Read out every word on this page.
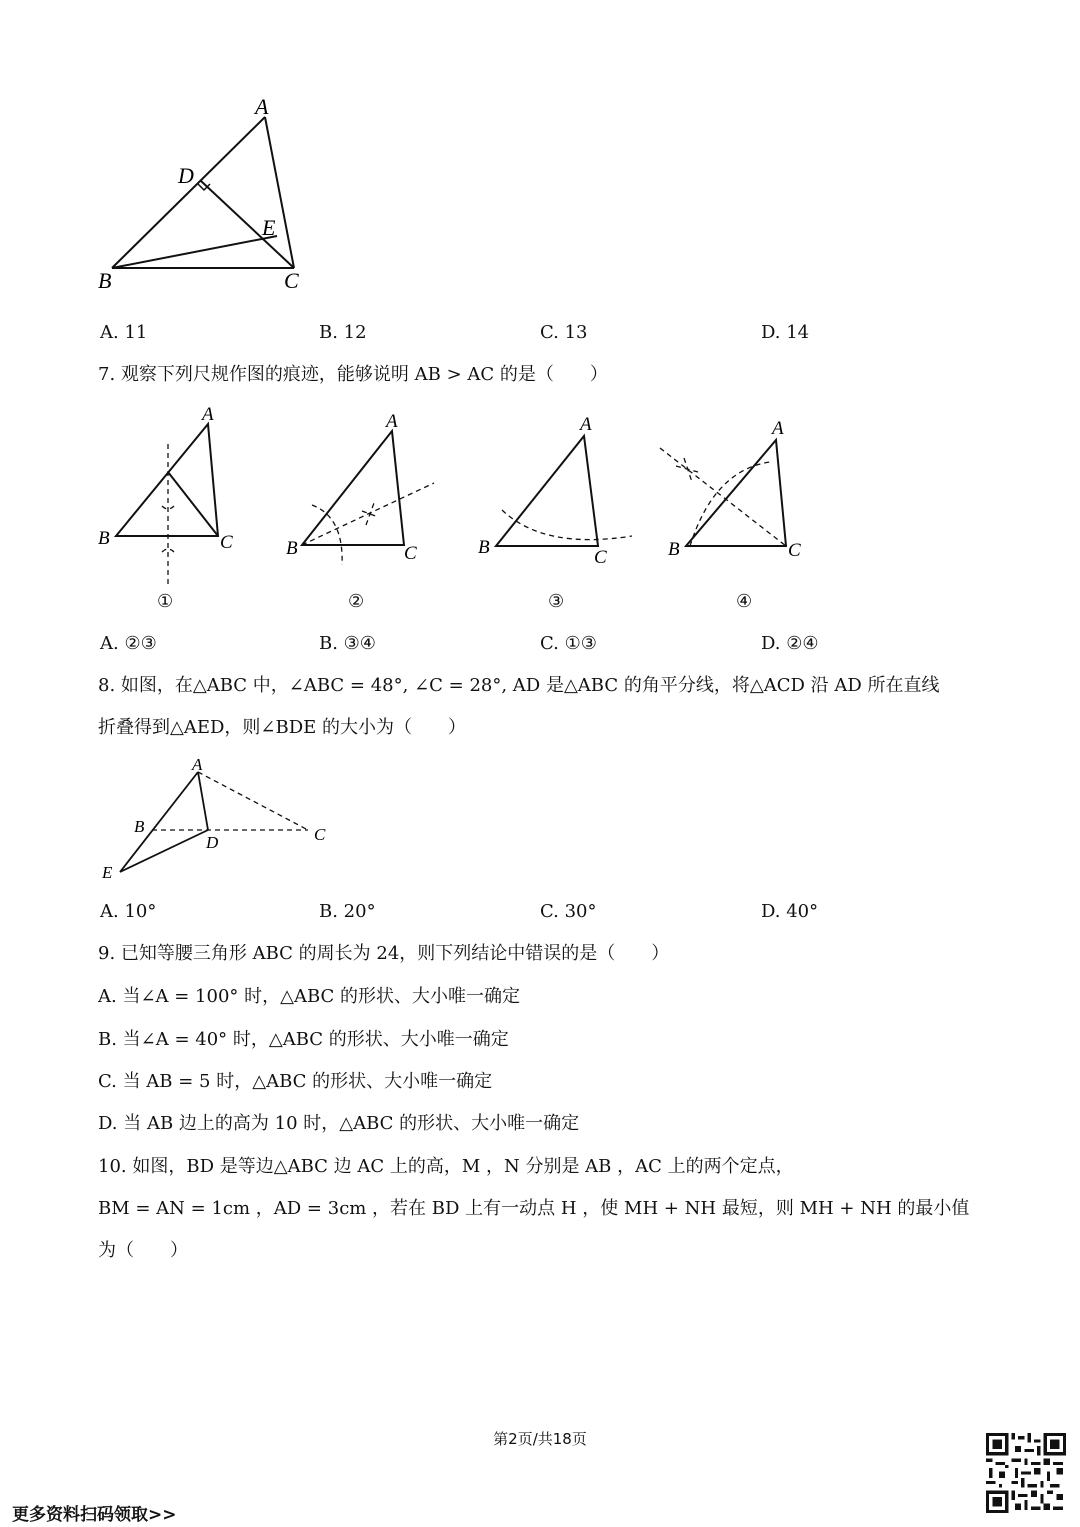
A
D
E
B	C
A. 11	B. 12	C. 13	D. 14
7. 观察下列尺规作图的痕迹，能够说明 AB > AC 的是（　　）
A
B	C
A
B	C
A
B	C
A
B	C
①	②	③	④
A. ②③	B. ③④	C. ①③	D. ②④
8. 如图，在△ABC 中，∠ABC = 48°, ∠C = 28°, AD 是△ABC 的角平分线，将△ACD 沿 AD 所在直线
折叠得到△AED，则∠BDE 的大小为（　　）
A
B	C
D
E
A. 10°	B. 20°	C. 30°	D. 40°
9. 已知等腰三角形 ABC 的周长为 24，则下列结论中错误的是（　　）
A. 当∠A = 100° 时，△ABC 的形状、大小唯一确定
B. 当∠A = 40° 时，△ABC 的形状、大小唯一确定
C. 当 AB = 5 时，△ABC 的形状、大小唯一确定
D. 当 AB 边上的高为 10 时，△ABC 的形状、大小唯一确定
10. 如图，BD 是等边△ABC 边 AC 上的高，M ，N 分别是 AB ，AC 上的两个定点，
BM = AN = 1cm ，AD = 3cm ，若在 BD 上有一动点 H ，使 MH + NH 最短，则 MH + NH 的最小值
为（　　）
第2页/共18页
更多资料扫码领取>>
